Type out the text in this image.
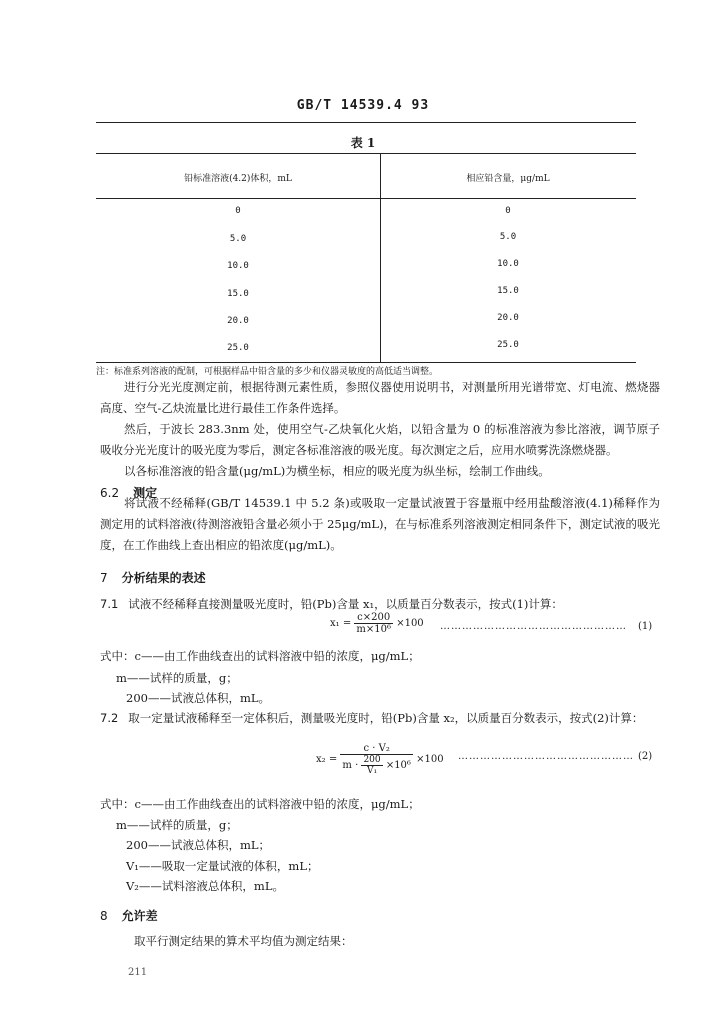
GB/T 14539.4 93
表 1
铅标准溶液(4.2)体积，mL	相应铅含量，μg/mL
0	0
5.0	5.0
10.0	10.0
15.0	15.0
20.0	20.0
25.0	25.0
注：标准系列溶液的配制，可根据样品中铅含量的多少和仪器灵敏度的高低适当调整。

进行分光光度测定前，根据待测元素性质，参照仪器使用说明书，对测量所用光谱带宽、灯电流、燃烧器高度、空气-乙炔流量比进行最佳工作条件选择。

然后，于波长 283.3nm 处，使用空气-乙炔氧化火焰，以铅含量为 0 的标准溶液为参比溶液，调节原子吸收分光光度计的吸光度为零后，测定各标准溶液的吸光度。每次测定之后，应用水喷雾洗涤燃烧器。

以各标准溶液的铅含量(μg/mL)为横坐标，相应的吸光度为纵坐标，绘制工作曲线。

6.2 测定

将试液不经稀释(GB/T 14539.1 中 5.2 条)或吸取一定量试液置于容量瓶中经用盐酸溶液(4.1)稀释作为测定用的试料溶液(待测溶液铅含量必须小于 25μg/mL)，在与标准系列溶液测定相同条件下，测定试液的吸光度，在工作曲线上查出相应的铅浓度(μg/mL)。

7 分析结果的表述
7.1 试液不经稀释直接测量吸光度时，铅(Pb)含量 x₁，以质量百分数表示，按式(1)计算：
$x_1 = \frac{c\times 200}{\text{m×10⁶}} \times 100$ …………………………………………… (1)
式中：c——由工作曲线查出的试料溶液中铅的浓度，μg/mL；
m——试样的质量，g；
200——试液总体积，mL。

7.2 取一定量试液稀释至一定体积后，测量吸光度时，铅(Pb)含量 x₂，以质量百分数表示，按式(2)计算：

$x_2 = \frac{\text{c · V₂}}{m \cdot \frac{200}{\text{V₁}} \times 10^6} \times 100$ ………………………………………… (2)
式中：c——由工作曲线查出的试料溶液中铅的浓度，μg/mL；
m——试样的质量，g；
200——试液总体积，mL；
V₁——吸取一定量试液的体积，mL；
V₂——试料溶液总体积，mL。
8 允许差
取平行测定结果的算术平均值为测定结果：
211
